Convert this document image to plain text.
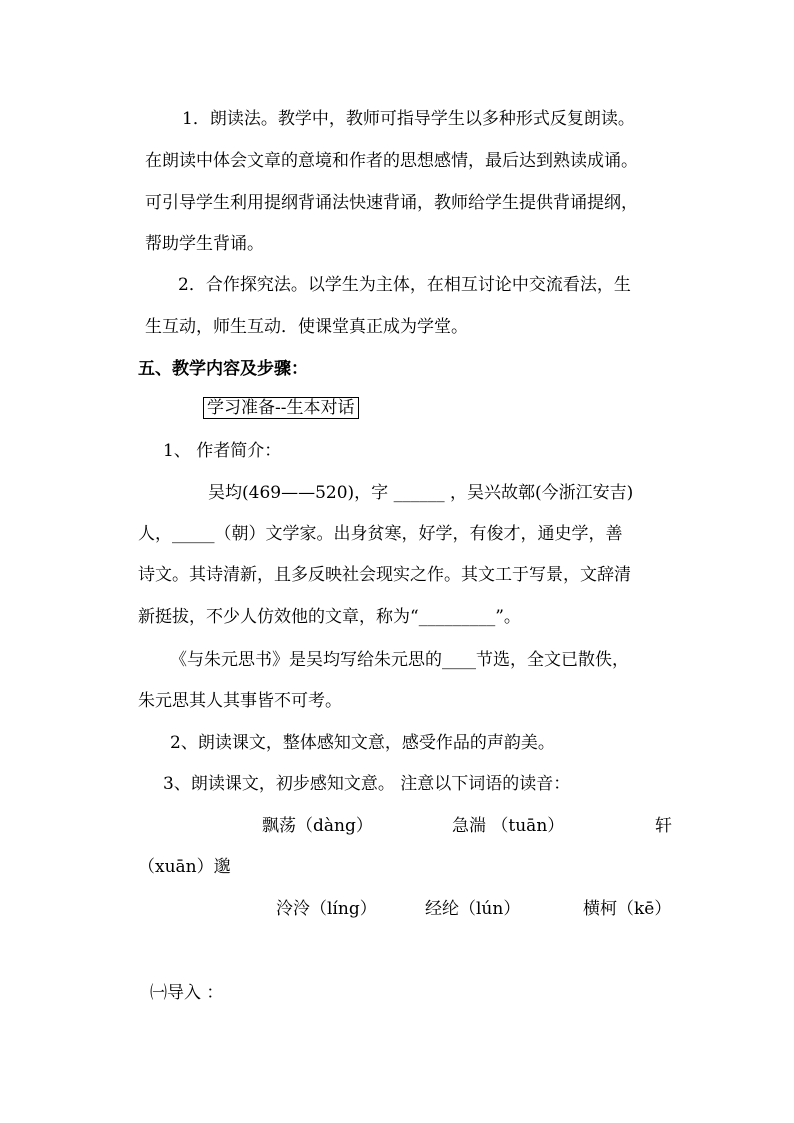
1．朗读法。教学中，教师可指导学生以多种形式反复朗读。
在朗读中体会文章的意境和作者的思想感情，最后达到熟读成诵。
可引导学生利用提纲背诵法快速背诵，教师给学生提供背诵提纲，
帮助学生背诵。
2．合作探究法。以学生为主体，在相互讨论中交流看法，生
生互动，师生互动．使课堂真正成为学堂。
五、教学内容及步骤：
学习准备--生本对话
1、 作者简介：
吴均(469——520)，字 ______ ，吴兴故鄣(今浙江安吉)
人，_____（朝）文学家。出身贫寒，好学，有俊才，通史学，善
诗文。其诗清新，且多反映社会现实之作。其文工于写景，文辞清
新挺拔，不少人仿效他的文章，称为“_________”。
《与朱元思书》是吴均写给朱元思的____节选，全文已散佚，
朱元思其人其事皆不可考。
2、朗读课文，整体感知文意，感受作品的声韵美。
3、朗读课文，初步感知文意。 注意以下词语的读音：
飘荡（dàng）	急湍 （tuān）	轩
（xuān）邈
泠泠（líng）	经纶（lún）	横柯（kē）
㈠导入 ：
